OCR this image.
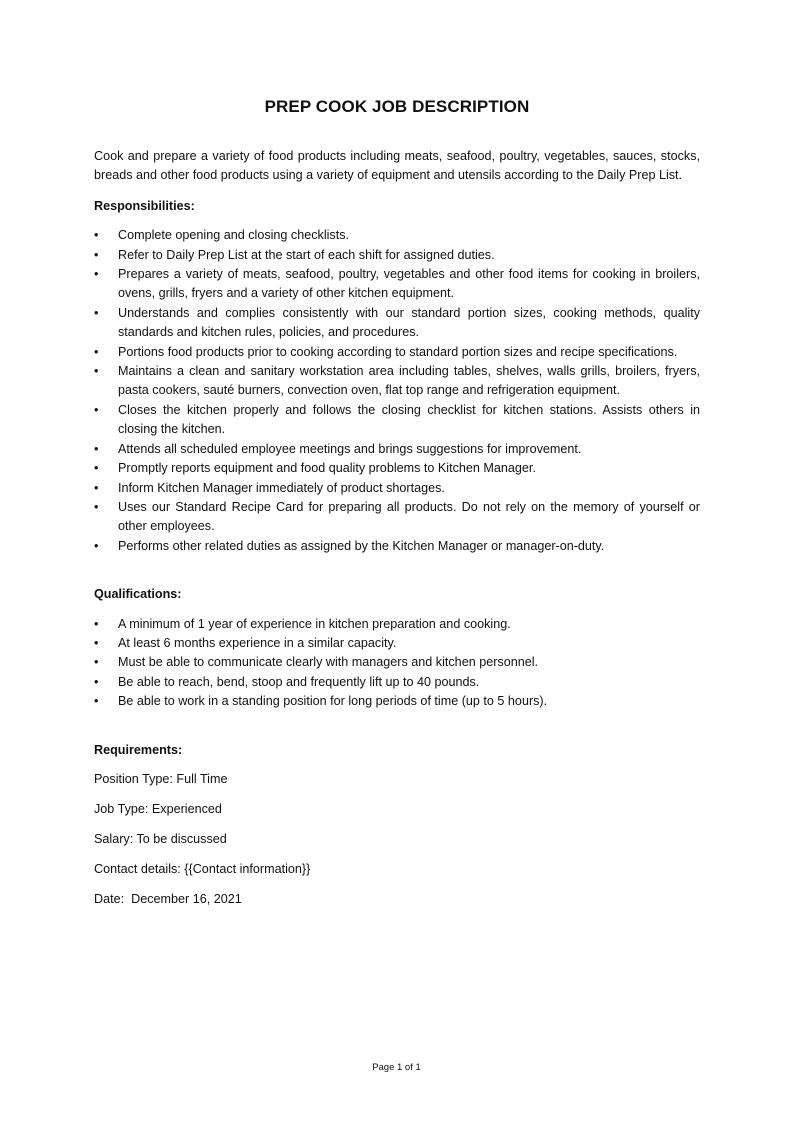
PREP COOK JOB DESCRIPTION
Cook and prepare a variety of food products including meats, seafood, poultry, vegetables, sauces, stocks, breads and other food products using a variety of equipment and utensils according to the Daily Prep List.
Responsibilities:
•	Complete opening and closing checklists.
•	Refer to Daily Prep List at the start of each shift for assigned duties.
•	Prepares a variety of meats, seafood, poultry, vegetables and other food items for cooking in broilers, ovens, grills, fryers and a variety of other kitchen equipment.
•	Understands and complies consistently with our standard portion sizes, cooking methods, quality standards and kitchen rules, policies, and procedures.
•	Portions food products prior to cooking according to standard portion sizes and recipe specifications.
•	Maintains a clean and sanitary workstation area including tables, shelves, walls grills, broilers, fryers, pasta cookers, sauté burners, convection oven, flat top range and refrigeration equipment.
•	Closes the kitchen properly and follows the closing checklist for kitchen stations. Assists others in closing the kitchen.
•	Attends all scheduled employee meetings and brings suggestions for improvement.
•	Promptly reports equipment and food quality problems to Kitchen Manager.
•	Inform Kitchen Manager immediately of product shortages.
•	Uses our Standard Recipe Card for preparing all products. Do not rely on the memory of yourself or other employees.
•	Performs other related duties as assigned by the Kitchen Manager or manager-on-duty.
Qualifications:
•	A minimum of 1 year of experience in kitchen preparation and cooking.
•	At least 6 months experience in a similar capacity.
•	Must be able to communicate clearly with managers and kitchen personnel.
•	Be able to reach, bend, stoop and frequently lift up to 40 pounds.
•	Be able to work in a standing position for long periods of time (up to 5 hours).
Requirements:
Position Type: Full Time
Job Type: Experienced
Salary: To be discussed
Contact details: {{Contact information}}
Date:  December 16, 2021
Page 1 of 1
